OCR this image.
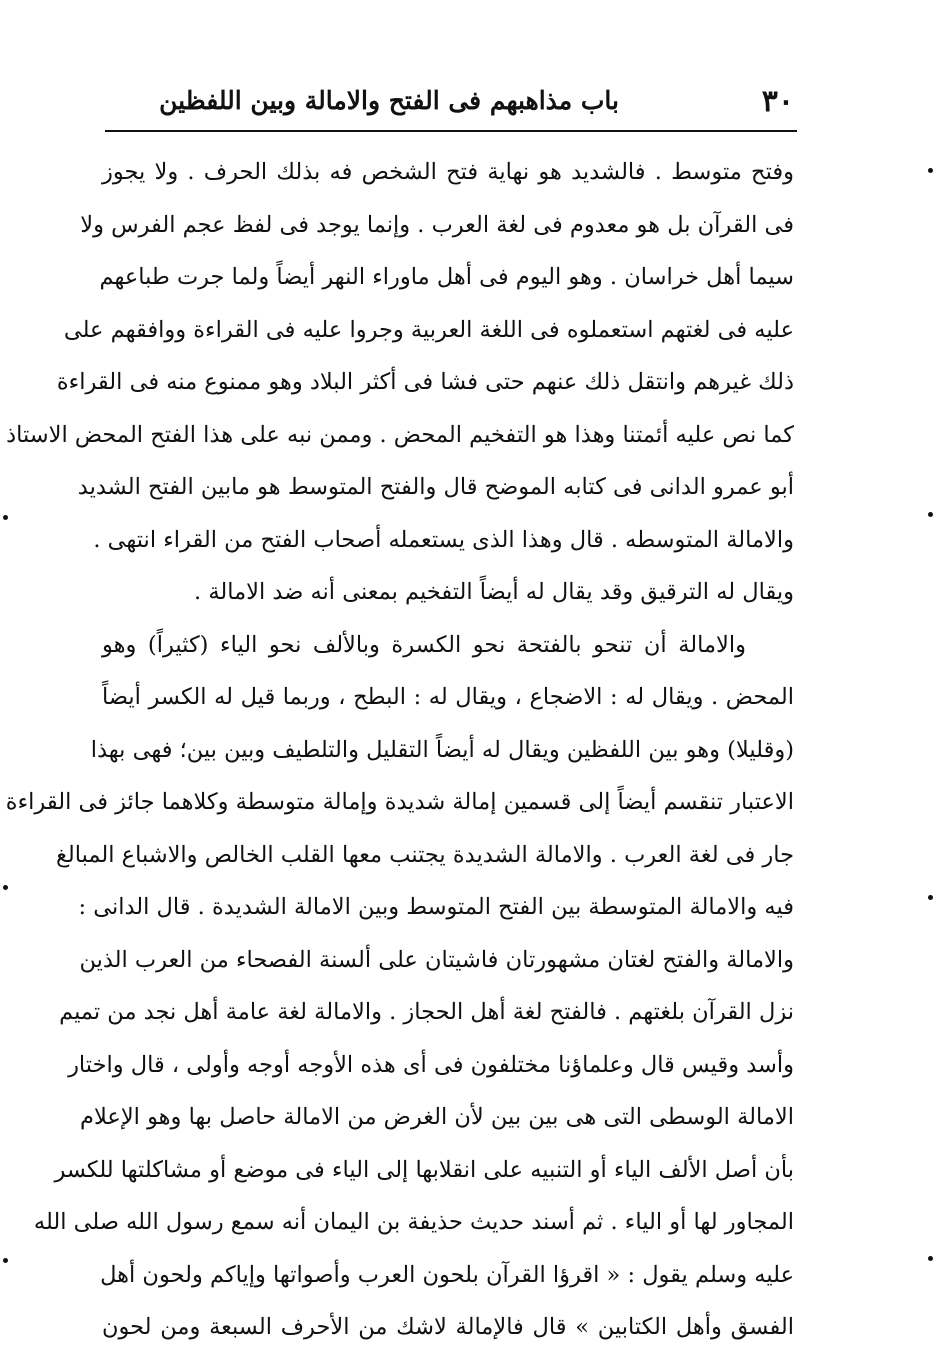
٣٠
باب مذاهبهم فى الفتح والامالة وبين اللفظين
وفتح متوسط . فالشديد هو نهاية فتح الشخص فه بذلك الحرف . ولا يجوز
فى القرآن بل هو معدوم فى لغة العرب . وإنما يوجد فى لفظ عجم الفرس ولا
سيما أهل خراسان . وهو اليوم فى أهل ماوراء النهر أيضاً ولما جرت طباعهم
عليه فى لغتهم استعملوه فى اللغة العربية وجروا عليه فى القراءة ووافقهم على
ذلك غيرهم وانتقل ذلك عنهم حتى فشا فى أكثر البلاد وهو ممنوع منه فى القراءة
كما نص عليه أئمتنا وهذا هو التفخيم المحض . وممن نبه على هذا الفتح المحض الاستاذ
أبو عمرو الدانى فى كتابه الموضح قال والفتح المتوسط هو مابين الفتح الشديد
والامالة المتوسطه . قال وهذا الذى يستعمله أصحاب الفتح من القراء انتهى .
ويقال له الترقيق وقد يقال له أيضاً التفخيم بمعنى أنه ضد الامالة .
والامالة أن تنحو بالفتحة نحو الكسرة وبالألف نحو الياء (كثيراً) وهو
المحض . ويقال له : الاضجاع ، ويقال له : البطح ، وربما قيل له الكسر أيضاً
(وقليلا) وهو بين اللفظين ويقال له أيضاً التقليل والتلطيف وبين بين؛ فهى بهذا
الاعتبار تنقسم أيضاً إلى قسمين إمالة شديدة وإمالة متوسطة وكلاهما جائز فى القراءة
جار فى لغة العرب . والامالة الشديدة يجتنب معها القلب الخالص والاشباع المبالغ
فيه والامالة المتوسطة بين الفتح المتوسط وبين الامالة الشديدة . قال الدانى :
والامالة والفتح لغتان مشهورتان فاشيتان على ألسنة الفصحاء من العرب الذين
نزل القرآن بلغتهم . فالفتح لغة أهل الحجاز . والامالة لغة عامة أهل نجد من تميم
وأسد وقيس قال وعلماؤنا مختلفون فى أى هذه الأوجه أوجه وأولى ، قال واختار
الامالة الوسطى التى هى بين بين لأن الغرض من الامالة حاصل بها وهو الإعلام
بأن أصل الألف الياء أو التنبيه على انقلابها إلى الياء فى موضع أو مشاكلتها للكسر
المجاور لها أو الياء . ثم أسند حديث حذيفة بن اليمان أنه سمع رسول الله صلى الله
عليه وسلم يقول : « اقرؤا القرآن بلحون العرب وأصواتها وإياكم ولحون أهل
الفسق وأهل الكتابين » قال فالإمالة لاشك من الأحرف السبعة ومن لحون
